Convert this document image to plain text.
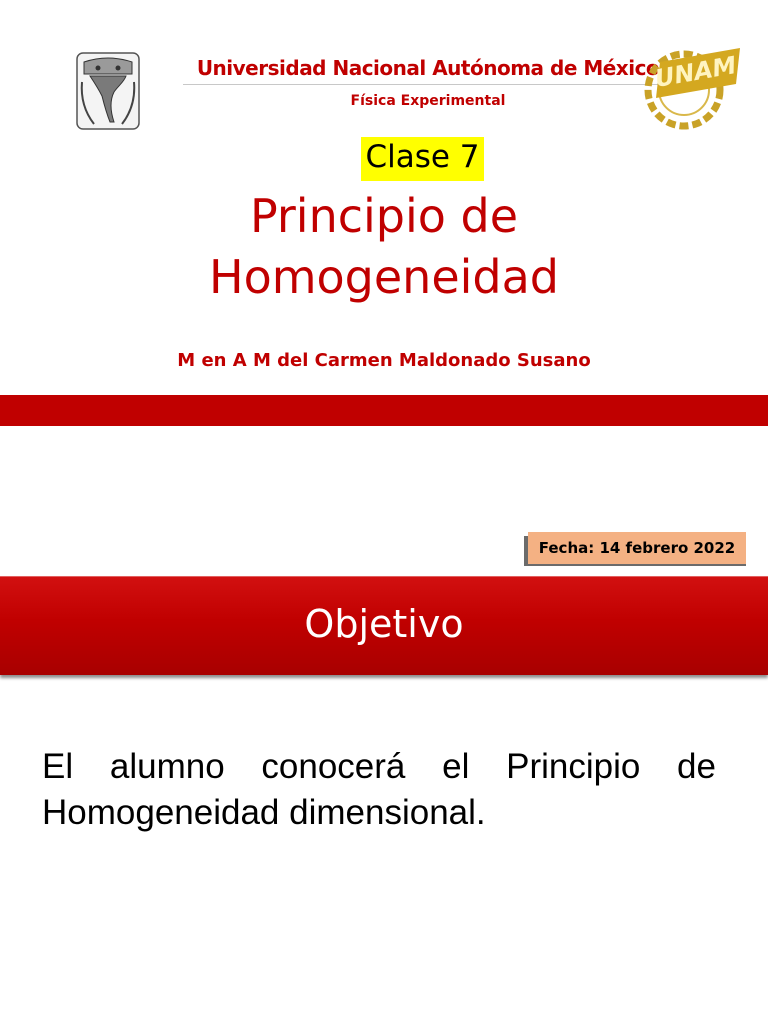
Universidad Nacional Autónoma de México
Física Experimental
UNAM
Clase 7
Principio de
Homogeneidad
M en A M del Carmen Maldonado Susano
Fecha: 14 febrero 2022
Objetivo
El alumno conocerá el Principio de Homogeneidad dimensional.
